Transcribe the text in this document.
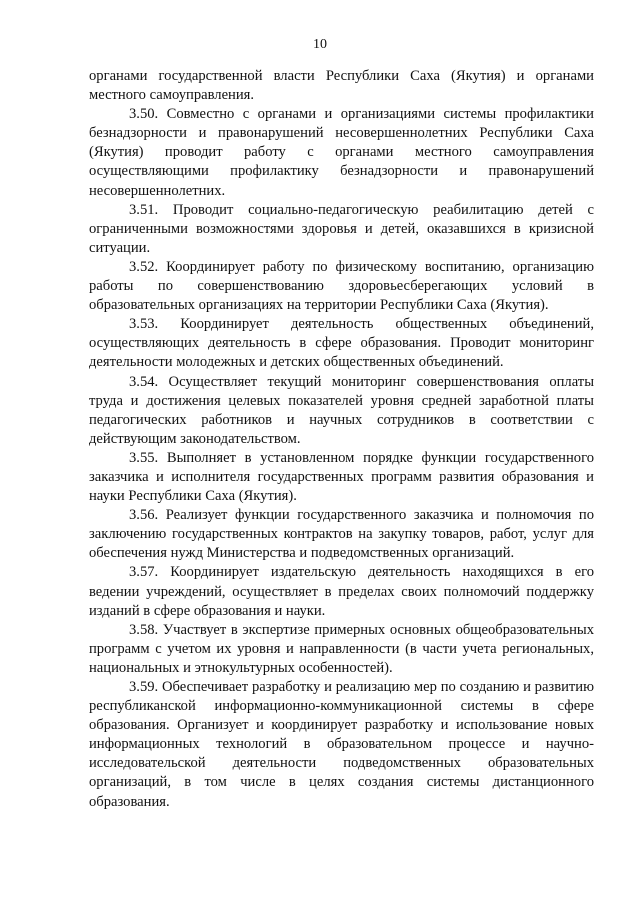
10

органами государственной власти Республики Саха (Якутия) и органами местного самоуправления.

3.50. Совместно с органами и организациями системы профилактики безнадзорности и правонарушений несовершеннолетних Республики Саха (Якутия) проводит работу с органами местного самоуправления осуществляющими профилактику безнадзорности и правонарушений несовершеннолетних.

3.51. Проводит социально-педагогическую реабилитацию детей с ограниченными возможностями здоровья и детей, оказавшихся в кризисной ситуации.

3.52. Координирует работу по физическому воспитанию, организацию работы по совершенствованию здоровьесберегающих условий в образовательных организациях на территории Республики Саха (Якутия).

3.53. Координирует деятельность общественных объединений, осуществляющих деятельность в сфере образования. Проводит мониторинг деятельности молодежных и детских общественных объединений.

3.54. Осуществляет текущий мониторинг совершенствования оплаты труда и достижения целевых показателей уровня средней заработной платы педагогических работников и научных сотрудников в соответствии с действующим законодательством.

3.55. Выполняет в установленном порядке функции государственного заказчика и исполнителя государственных программ развития образования и науки Республики Саха (Якутия).

3.56. Реализует функции государственного заказчика и полномочия по заключению государственных контрактов на закупку товаров, работ, услуг для обеспечения нужд Министерства и подведомственных организаций.

3.57. Координирует издательскую деятельность находящихся в его ведении учреждений, осуществляет в пределах своих полномочий поддержку изданий в сфере образования и науки.

3.58. Участвует в экспертизе примерных основных общеобразовательных программ с учетом их уровня и направленности (в части учета региональных, национальных и этнокультурных особенностей).

3.59. Обеспечивает разработку и реализацию мер по созданию и развитию республиканской информационно-коммуникационной системы в сфере образования. Организует и координирует разработку и использование новых информационных технологий в образовательном процессе и научно-исследовательской деятельности подведомственных образовательных организаций, в том числе в целях создания системы дистанционного образования.
